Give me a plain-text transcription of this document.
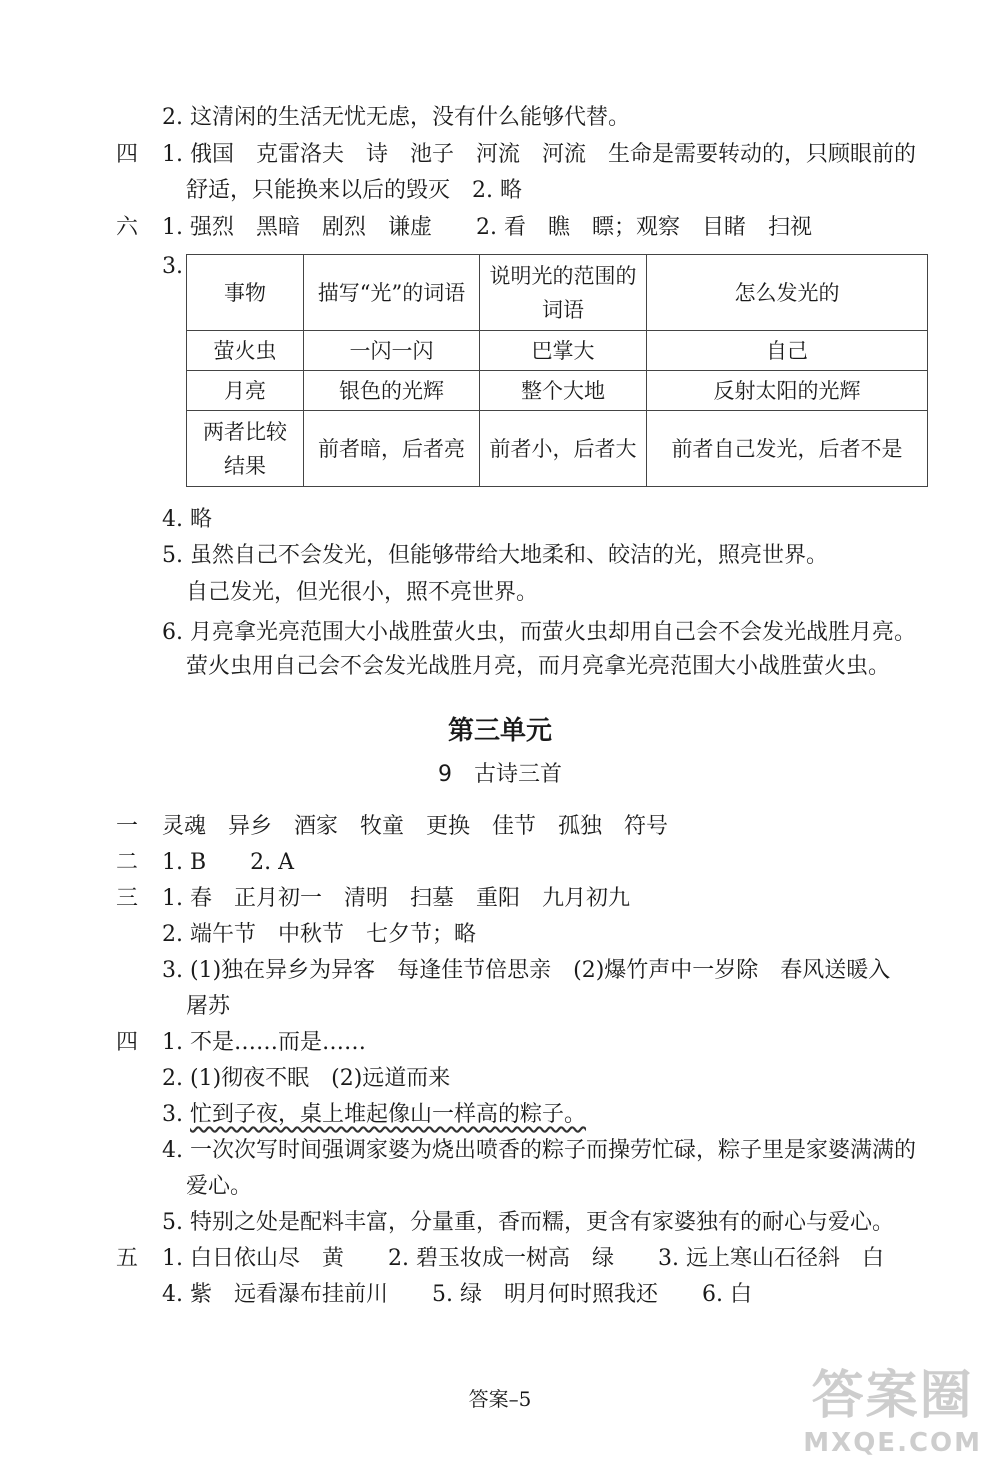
2. 这清闲的生活无忧无虑，没有什么能够代替。
四 1. 俄国　克雷洛夫　诗　池子　河流　河流　生命是需要转动的，只顾眼前的
舒适，只能换来以后的毁灭　2. 略
六 1. 强烈　黑暗　剧烈　谦虚　　2. 看　瞧　瞟；观察　目睹　扫视
3.
事物	描写“光”的词语	说明光的范围的词语	怎么发光的
萤火虫	一闪一闪	巴掌大	自己
月亮	银色的光辉	整个大地	反射太阳的光辉
两者比较结果	前者暗，后者亮	前者小，后者大	前者自己发光，后者不是
4. 略
5. 虽然自己不会发光，但能够带给大地柔和、皎洁的光，照亮世界。
自己发光，但光很小，照不亮世界。
6. 月亮拿光亮范围大小战胜萤火虫，而萤火虫却用自己会不会发光战胜月亮。
萤火虫用自己会不会发光战胜月亮，而月亮拿光亮范围大小战胜萤火虫。
第三单元
9　古诗三首
一 灵魂　异乡　酒家　牧童　更换　佳节　孤独　符号
二 1. B　　2. A
三 1. 春　正月初一　清明　扫墓　重阳　九月初九
2. 端午节　中秋节　七夕节；略
3. (1)独在异乡为异客　每逢佳节倍思亲　(2)爆竹声中一岁除　春风送暖入
屠苏
四 1. 不是……而是……
2. (1)彻夜不眠　(2)远道而来
3. 忙到子夜，桌上堆起像山一样高的粽子。
4. 一次次写时间强调家婆为烧出喷香的粽子而操劳忙碌，粽子里是家婆满满的
爱心。
5. 特别之处是配料丰富，分量重，香而糯，更含有家婆独有的耐心与爱心。
五 1. 白日依山尽　黄　　2. 碧玉妆成一树高　绿　　3. 远上寒山石径斜　白
4. 紫　远看瀑布挂前川　　5. 绿　明月何时照我还　　6. 白
答案–5	答案圈
MXQE.COM
